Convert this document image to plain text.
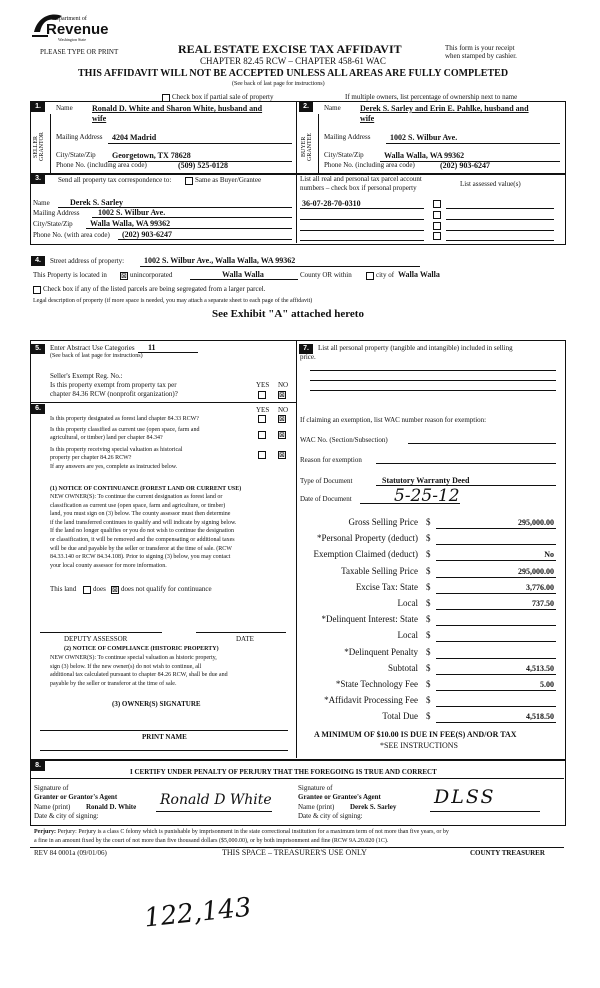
Department of
Revenue
Washington State
PLEASE TYPE OR PRINT	REAL ESTATE EXCISE TAX AFFIDAVIT
CHAPTER 82.45 RCW – CHAPTER 458-61 WAC
This form is your receipt
when stamped by cashier.
THIS AFFIDAVIT WILL NOT BE ACCEPTED UNLESS ALL AREAS ARE FULLY COMPLETED
(See back of last page for instructions)
Check box if partial sale of property	If multiple owners, list percentage of ownership next to name
1.
SELLER GRANTOR
Name Ronald D. White and Sharon White, husband and
wife
Mailing Address 4204 Madrid
City/State/Zip Georgetown, TX 78628
Phone No. (including area code)	(509) 525-0128
2.
BUYER GRANTEE
Name Derek S. Sarley and Erin E. Pahlke, husband and
wife
Mailing Address 1002 S. Wilbur Ave.
City/State/Zip	Walla Walla, WA 99362
Phone No. (including area code)	(202) 903-6247
3.	Send all property tax correspondence to:	Same as Buyer/Grantee	List all real and personal tax parcel account
numbers – check box if personal property	List assessed value(s)
Name	Derek S. Sarley
Mailing Address 1002 S. Wilbur Ave.
City/State/Zip Walla Walla, WA 99362
Phone No. (with area code) (202) 903-6247
36-07-28-70-0310
4.	Street address of property: 1002 S. Wilbur Ave., Walla Walla, WA 99362
This Property is located in ⊠ unincorporated	Walla Walla	County OR within	city of Walla Walla
Check box if any of the listed parcels are being segregated from a larger parcel.
Legal description of property (if more space is needed, you may attach a separate sheet to each page of the affidavit)
See Exhibit "A" attached hereto
5.	Enter Abstract Use Categories 11
(See back of last page for instructions)
Seller's Exempt Reg. No.:
Is this property exempt from property tax per
chapter 84.36 RCW (nonprofit organization)?
YES NO
⊠
6.	YES NO
Is this property designated as forest land chapter 84.33 RCW?	⊠
Is this property classified as current use (open space, farm and
agricultural, or timber) land per chapter 84.34?	⊠
Is this property receiving special valuation as historical
property per chapter 84.26 RCW?	⊠
If any answers are yes, complete as instructed below.
(1) NOTICE OF CONTINUANCE (FOREST LAND OR CURRENT USE)
NEW OWNER(S): To continue the current designation as forest land or
classification as current use (open space, farm and agriculture, or timber)
land, you must sign on (3) below. The county assessor must then determine
if the land transferred continues to qualify and will indicate by signing below.
If the land no longer qualifies or you do not wish to continue the designation
or classification, it will be removed and the compensating or additional taxes
will be due and payable by the seller or transferor at the time of sale. (RCW
84.33.140 or RCW 84.34.108). Prior to signing (3) below, you may contact
your local county assessor for more information.
This land does ⊠ does not qualify for continuance
DEPUTY ASSESSOR	DATE
(2) NOTICE OF COMPLIANCE (HISTORIC PROPERTY)
NEW OWNER(S): To continue special valuation as historic property,
sign (3) below. If the new owner(s) do not wish to continue, all
additional tax calculated pursuant to chapter 84.26 RCW, shall be due and
payable by the seller or transferor at the time of sale.
(3) OWNER(S) SIGNATURE
PRINT NAME
7.	List all personal property (tangible and intangible) included in selling
price.
If claiming an exemption, list WAC number reason for exemption:
WAC No. (Section/Subsection)
Reason for exemption
Type of Document	Statutory Warranty Deed
Date of Document 5-25-12
Gross Selling Price $	295,000.00
*Personal Property (deduct) $
Exemption Claimed (deduct) $	No
Taxable Selling Price $	295,000.00
Excise Tax: State $	3,776.00
Local $	737.50
*Delinquent Interest: State $
Local $
*Delinquent Penalty $
Subtotal $	4,513.50
*State Technology Fee $	5.00
*Affidavit Processing Fee $
Total Due $	4,518.50
A MINIMUM OF $10.00 IS DUE IN FEE(S) AND/OR TAX
*SEE INSTRUCTIONS
8.
I CERTIFY UNDER PENALTY OF PERJURY THAT THE FOREGOING IS TRUE AND CORRECT
Signature of
Granter or Grantor's Agent
Name (print) Ronald D. White Ronald D White
Date & city of signing:
Signature of
Grantee or Grantee's Agent
Name (print) Derek S. Sarley DLSS
Date & city of signing:
Perjury: Perjury: Perjury is a class C felony which is punishable by imprisonment in the state correctional institution for a maximum term of not more than five years, or by
a fine in an amount fixed by the court of not more than five thousand dollars ($5,000.00), or by both imprisonment and fine (RCW 9A.20.020 (1C).
REV 84 0001a (09/01/06)	THIS SPACE – TREASURER'S USE ONLY	COUNTY TREASURER
122,143
